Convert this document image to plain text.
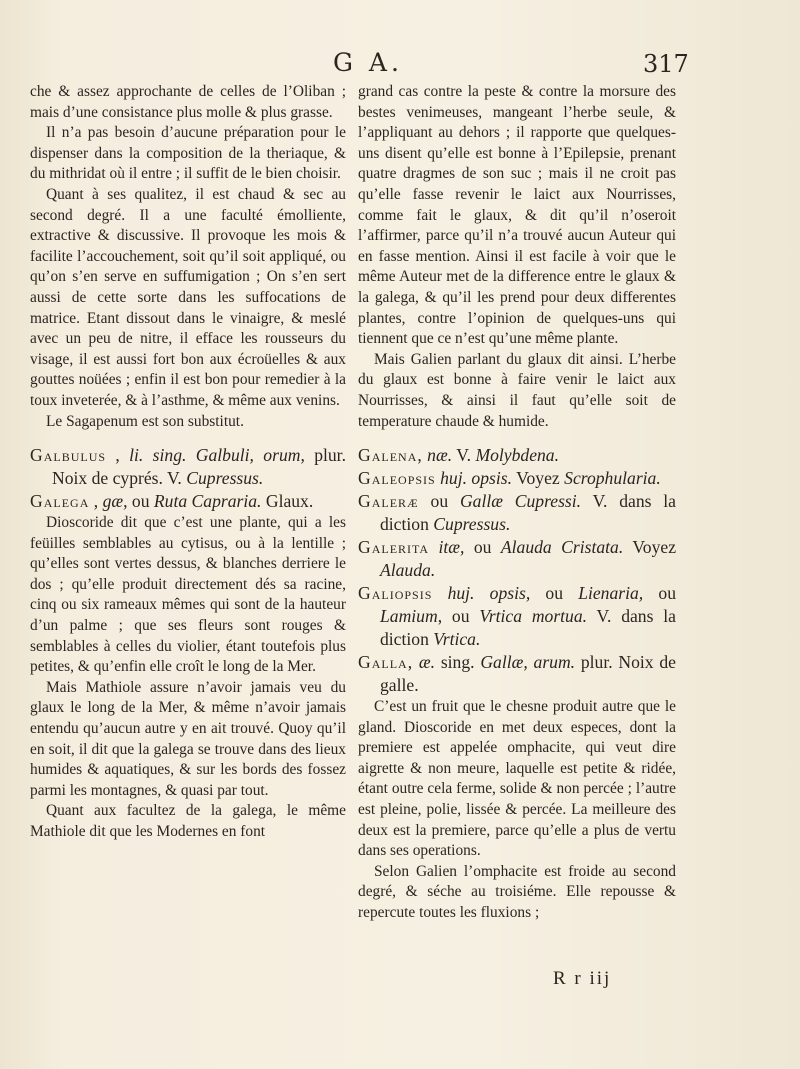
G A.	317

che & assez approchante de celles de l’Oliban ; mais d’une consistance plus molle & plus grasse.

Il n’a pas besoin d’aucune préparation pour le dispenser dans la composition de la theriaque, & du mithridat où il entre ; il suffit de le bien choisir.

Quant à ses qualitez, il est chaud & sec au second degré. Il a une faculté émolliente, extractive & discussive. Il provoque les mois & facilite l’accouchement, soit qu’il soit appliqué, ou qu’on s’en serve en suffumigation ; On s’en sert aussi de cette sorte dans les suffocations de matrice. Etant dissout dans le vinaigre, & meslé avec un peu de nitre, il efface les rousseurs du visage, il est aussi fort bon aux écroüelles & aux gouttes noüées ; enfin il est bon pour remedier à la toux inveterée, & à l’asthme, & même aux venins.

Le Sagapenum est son substitut.

Galbulus , li. sing. Galbuli, orum, plur. Noix de cyprés. V. Cupressus.

Galega , gæ, ou Ruta Capraria. Glaux.

Dioscoride dit que c’est une plante, qui a les feüilles semblables au cytisus, ou à la lentille ; qu’elles sont vertes dessus, & blanches derriere le dos ; qu’elle produit directement dés sa racine, cinq ou six rameaux mêmes qui sont de la hauteur d’un palme ; que ses fleurs sont rouges & semblables à celles du violier, étant toutefois plus petites, & qu’enfin elle croît le long de la Mer.

Mais Mathiole assure n’avoir jamais veu du glaux le long de la Mer, & même n’avoir jamais entendu qu’aucun autre y en ait trouvé. Quoy qu’il en soit, il dit que la galega se trouve dans des lieux humides & aquatiques, & sur les bords des fossez parmi les montagnes, & quasi par tout.

Quant aux facultez de la galega, le même Mathiole dit que les Modernes en font

grand cas contre la peste & contre la morsure des bestes venimeuses, mangeant l’herbe seule, & l’appliquant au dehors ; il rapporte que quelques-uns disent qu’elle est bonne à l’Epilepsie, prenant quatre dragmes de son suc ; mais il ne croit pas qu’elle fasse revenir le laict aux Nourrisses, comme fait le glaux, & dit qu’il n’oseroit l’affirmer, parce qu’il n’a trouvé aucun Auteur qui en fasse mention. Ainsi il est facile à voir que le même Auteur met de la difference entre le glaux & la galega, & qu’il les prend pour deux differentes plantes, contre l’opinion de quelques-uns qui tiennent que ce n’est qu’une même plante.

Mais Galien parlant du glaux dit ainsi. L’herbe du glaux est bonne à faire venir le laict aux Nourrisses, & ainsi il faut qu’elle soit de temperature chaude & humide.

Galena, næ. V. Molybdena.

Galeopsis huj. opsis. Voyez Scrophularia.

Galeræ ou Gallæ Cupressi. V. dans la diction Cupressus.

Galerita itæ, ou Alauda Cristata. Voyez Alauda.

Galiopsis huj. opsis, ou Lienaria, ou Lamium, ou Vrtica mortua. V. dans la diction Vrtica.

Galla, æ. sing. Gallæ, arum. plur. Noix de galle.

C’est un fruit que le chesne produit autre que le gland. Dioscoride en met deux especes, dont la premiere est appelée omphacite, qui veut dire aigrette & non meure, laquelle est petite & ridée, étant outre cela ferme, solide & non percée ; l’autre est pleine, polie, lissée & percée. La meilleure des deux est la premiere, parce qu’elle a plus de vertu dans ses operations.

Selon Galien l’omphacite est froide au second degré, & séche au troisiéme. Elle repousse & repercute toutes les fluxions ;

R r iij
